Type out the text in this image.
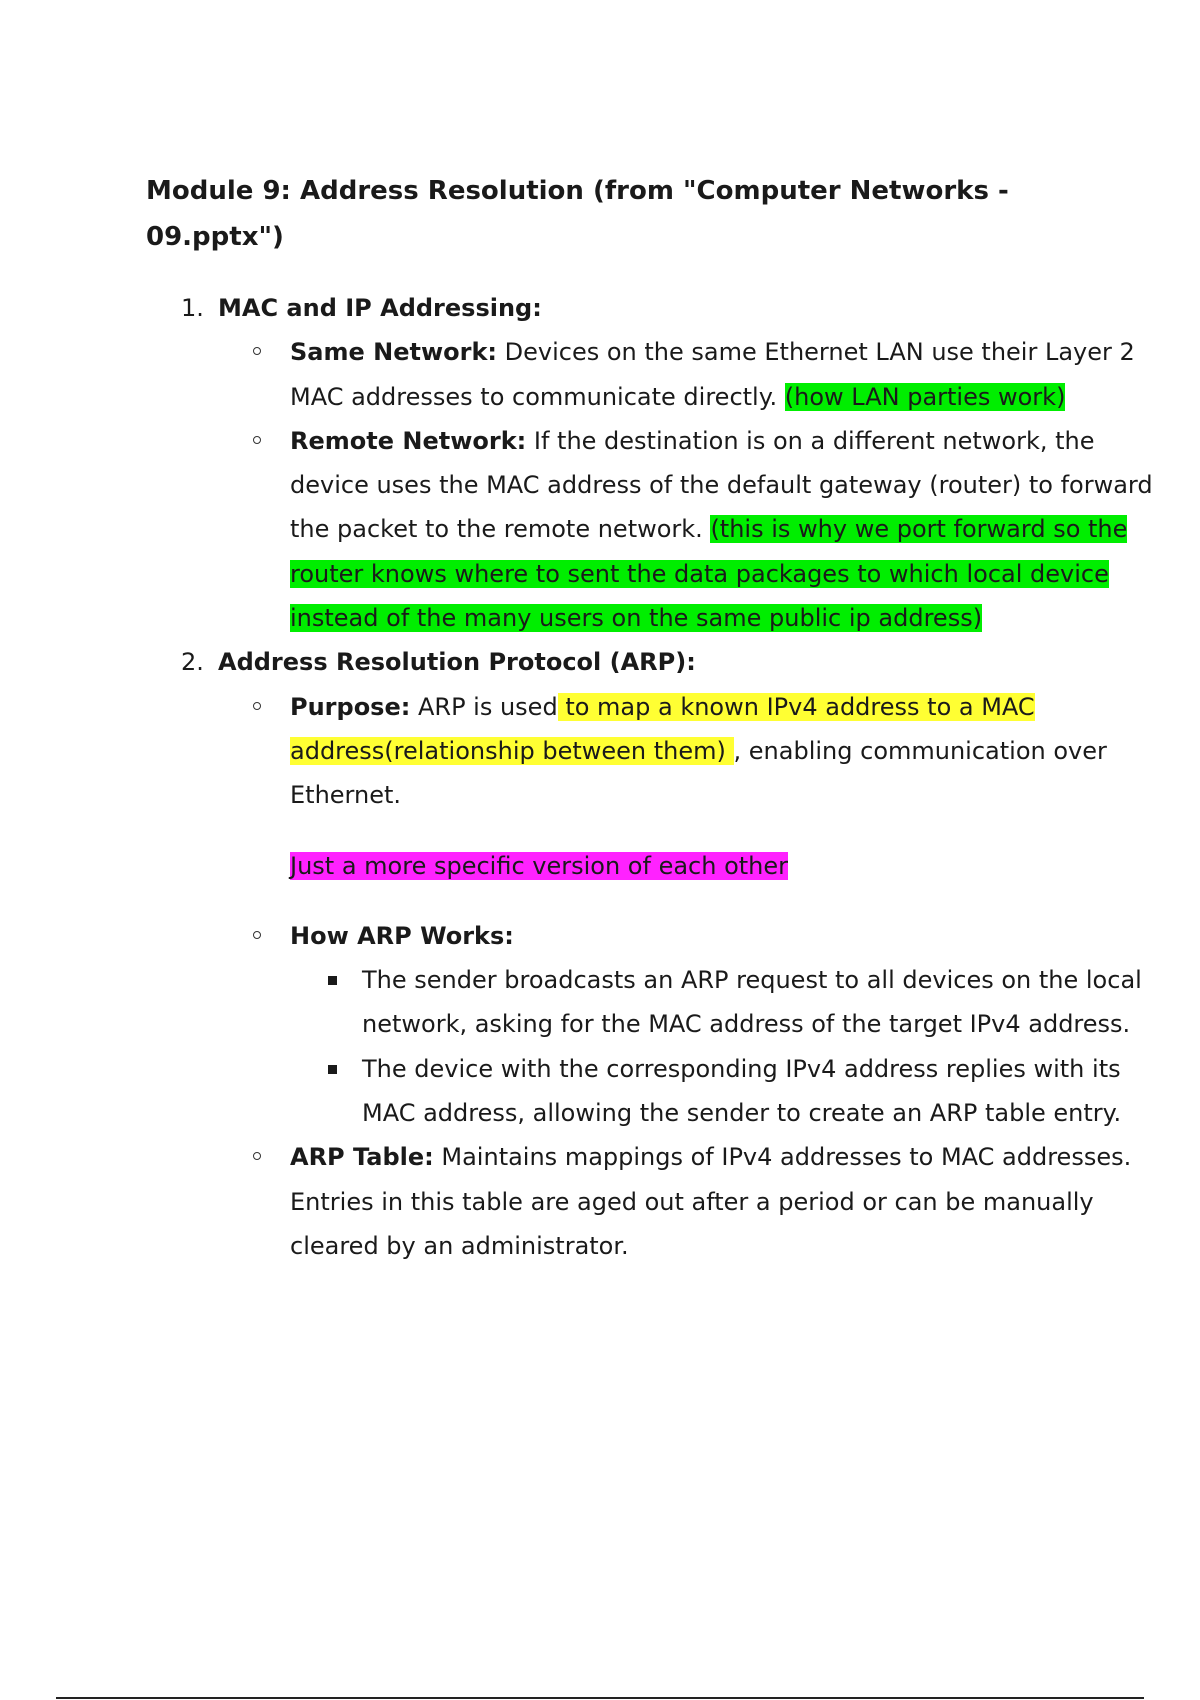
Module 9: Address Resolution (from "Computer Networks - 09.pptx")
1. MAC and IP Addressing:
Same Network: Devices on the same Ethernet LAN use their Layer 2 MAC addresses to communicate directly. (how LAN parties work)
Remote Network: If the destination is on a different network, the device uses the MAC address of the default gateway (router) to forward the packet to the remote network. (this is why we port forward so the router knows where to sent the data packages to which local device instead of the many users on the same public ip address)
2. Address Resolution Protocol (ARP):
Purpose: ARP is used to map a known IPv4 address to a MAC address(relationship between them) , enabling communication over Ethernet.
Just a more specific version of each other
How ARP Works:
The sender broadcasts an ARP request to all devices on the local network, asking for the MAC address of the target IPv4 address.
The device with the corresponding IPv4 address replies with its MAC address, allowing the sender to create an ARP table entry.
ARP Table: Maintains mappings of IPv4 addresses to MAC addresses. Entries in this table are aged out after a period or can be manually cleared by an administrator.
